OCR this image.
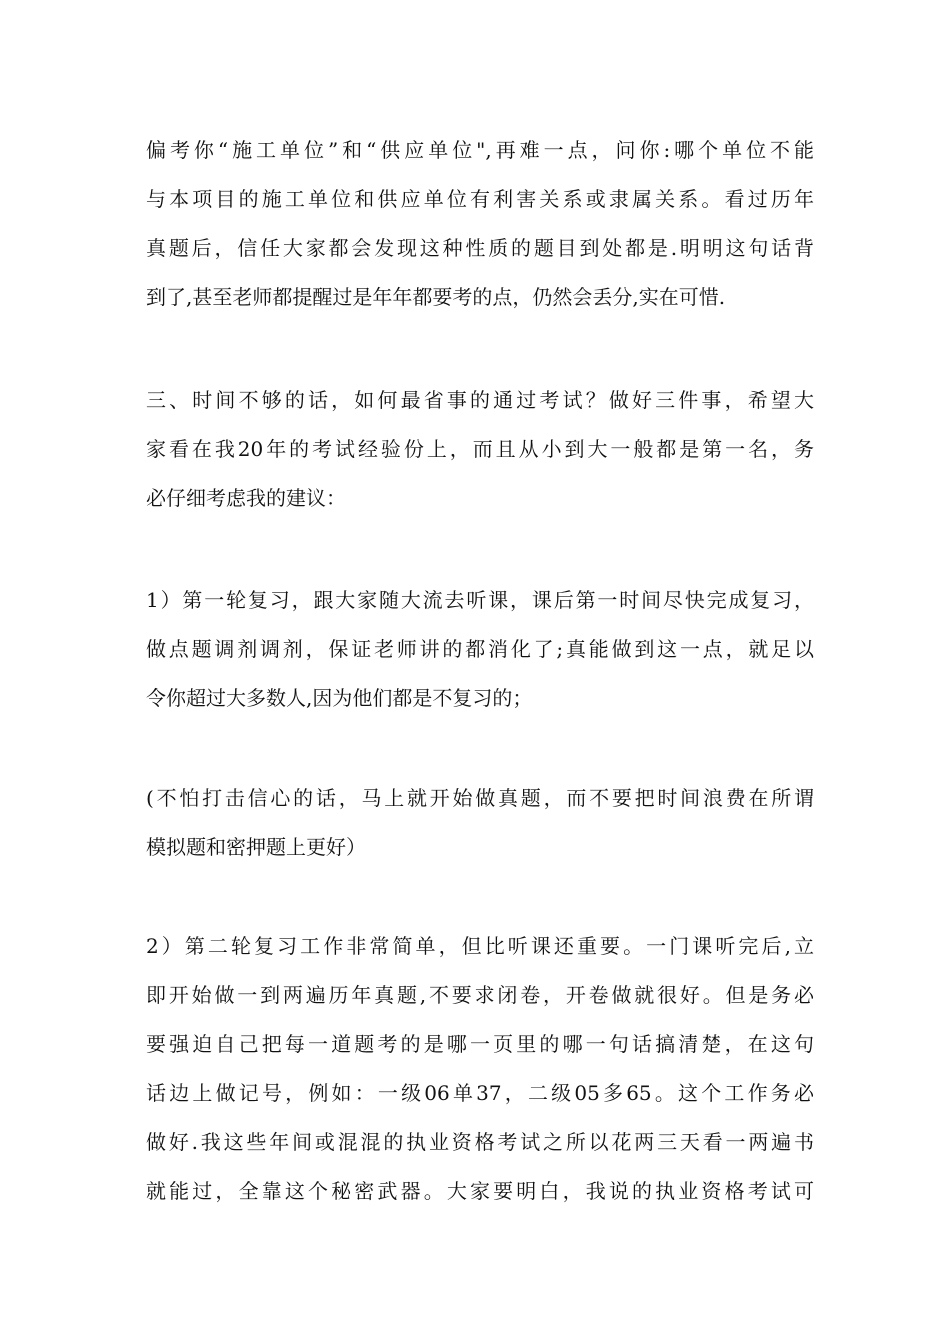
偏考你“施工单位”和“供应单位",再难一点，问你:哪个单位不能
与本项目的施工单位和供应单位有利害关系或隶属关系。看过历年
真题后，信任大家都会发现这种性质的题目到处都是.明明这句话背
到了,甚至老师都提醒过是年年都要考的点，仍然会丢分,实在可惜.
三、时间不够的话，如何最省事的通过考试？做好三件事，希望大
家看在我20年的考试经验份上，而且从小到大一般都是第一名，务
必仔细考虑我的建议：
1）第一轮复习，跟大家随大流去听课，课后第一时间尽快完成复习，
做点题调剂调剂，保证老师讲的都消化了;真能做到这一点，就足以
令你超过大多数人,因为他们都是不复习的；
(不怕打击信心的话，马上就开始做真题，而不要把时间浪费在所谓
模拟题和密押题上更好）
2）第二轮复习工作非常简单，但比听课还重要。一门课听完后,立
即开始做一到两遍历年真题,不要求闭卷，开卷做就很好。但是务必
要强迫自己把每一道题考的是哪一页里的哪一句话搞清楚，在这句
话边上做记号，例如：一级06单37，二级05多65。这个工作务必
做好.我这些年间或混混的执业资格考试之所以花两三天看一两遍书
就能过，全靠这个秘密武器。大家要明白，我说的执业资格考试可
